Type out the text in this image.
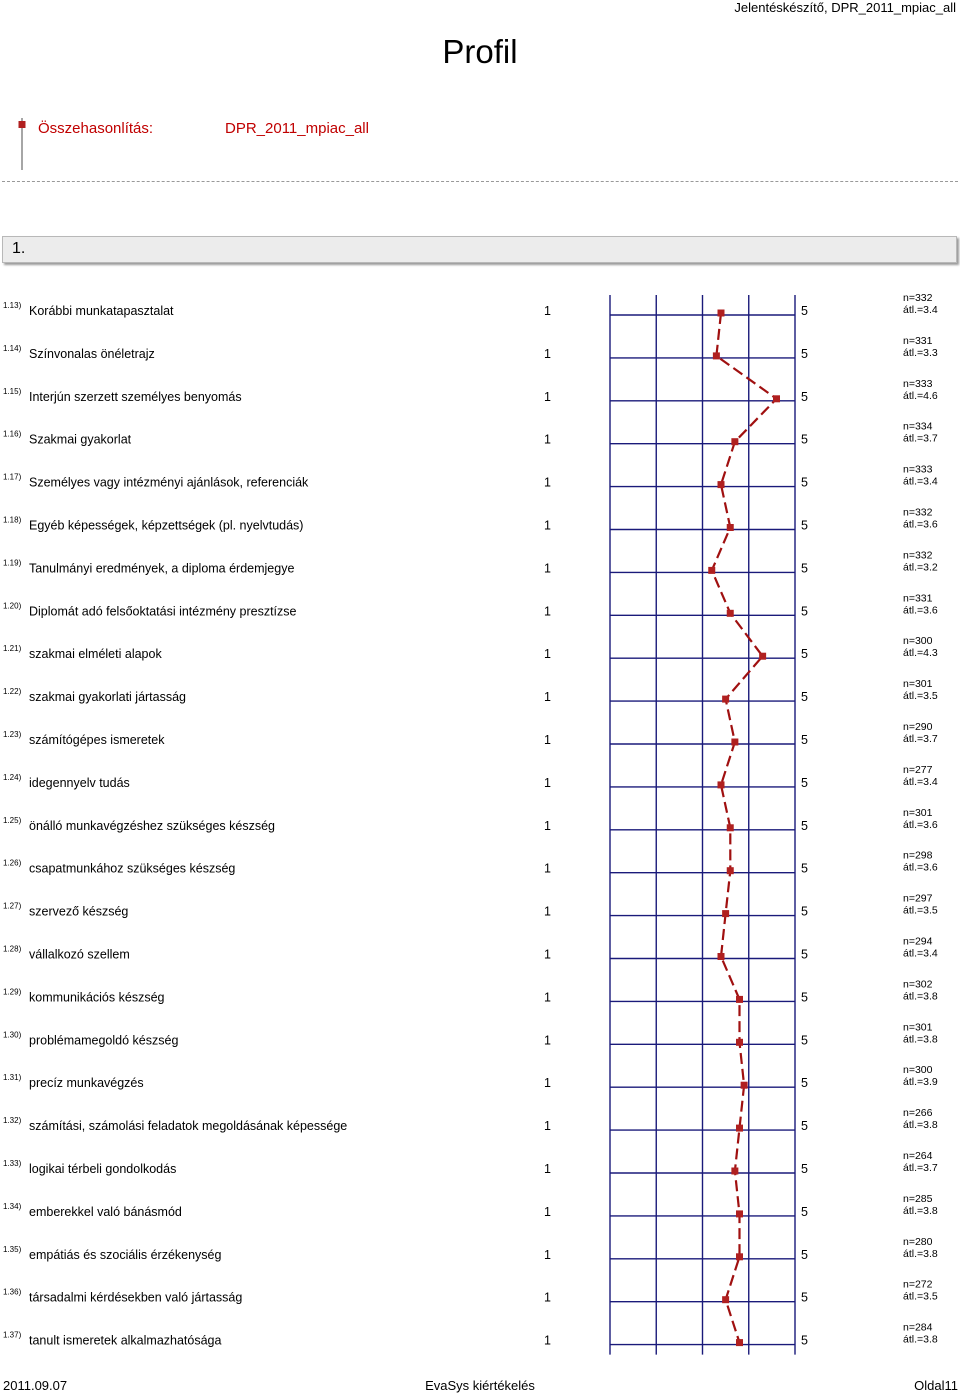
Jelentéskészítő, DPR_2011_mpiac_all
Profil
Összehasonlítás:	DPR_2011_mpiac_all
1.
1.13) Korábbi munkatapasztalat	1	5
n=332
átl.=3.4
1.14) Színvonalas önéletrajz	1	5
n=331
átl.=3.3
1.15) Interjún szerzett személyes benyomás	1	5
n=333
átl.=4.6
1.16) Szakmai gyakorlat	1	5
n=334
átl.=3.7
1.17) Személyes vagy intézményi ajánlások, referenciák	1	5
n=333
átl.=3.4
1.18) Egyéb képességek, képzettségek (pl. nyelvtudás)	1	5
n=332
átl.=3.6
1.19) Tanulmányi eredmények, a diploma érdemjegye	1	5
n=332
átl.=3.2
1.20) Diplomát adó felsőoktatási intézmény presztízse	1	5
n=331
átl.=3.6
1.21) szakmai elméleti alapok	1	5
n=300
átl.=4.3
1.22) szakmai gyakorlati jártasság	1	5
n=301
átl.=3.5
1.23) számítógépes ismeretek	1	5
n=290
átl.=3.7
1.24) idegennyelv tudás	1	5
n=277
átl.=3.4
1.25) önálló munkavégzéshez szükséges készség	1	5
n=301
átl.=3.6
1.26) csapatmunkához szükséges készség	1	5
n=298
átl.=3.6
1.27) szervező készség	1	5
n=297
átl.=3.5
1.28) vállalkozó szellem	1	5
n=294
átl.=3.4
1.29) kommunikációs készség	1	5
n=302
átl.=3.8
1.30) problémamegoldó készség	1	5
n=301
átl.=3.8
1.31) precíz munkavégzés	1	5
n=300
átl.=3.9
1.32) számítási, számolási feladatok megoldásának képessége	1	5
n=266
átl.=3.8
1.33) logikai térbeli gondolkodás	1	5
n=264
átl.=3.7
1.34) emberekkel való bánásmód	1	5
n=285
átl.=3.8
1.35) empátiás és szociális érzékenység	1	5
n=280
átl.=3.8
1.36) társadalmi kérdésekben való jártasság	1	5
n=272
átl.=3.5
1.37) tanult ismeretek alkalmazhatósága	1	5
n=284
átl.=3.8
2011.09.07	EvaSys kiértékelés	Oldal11
